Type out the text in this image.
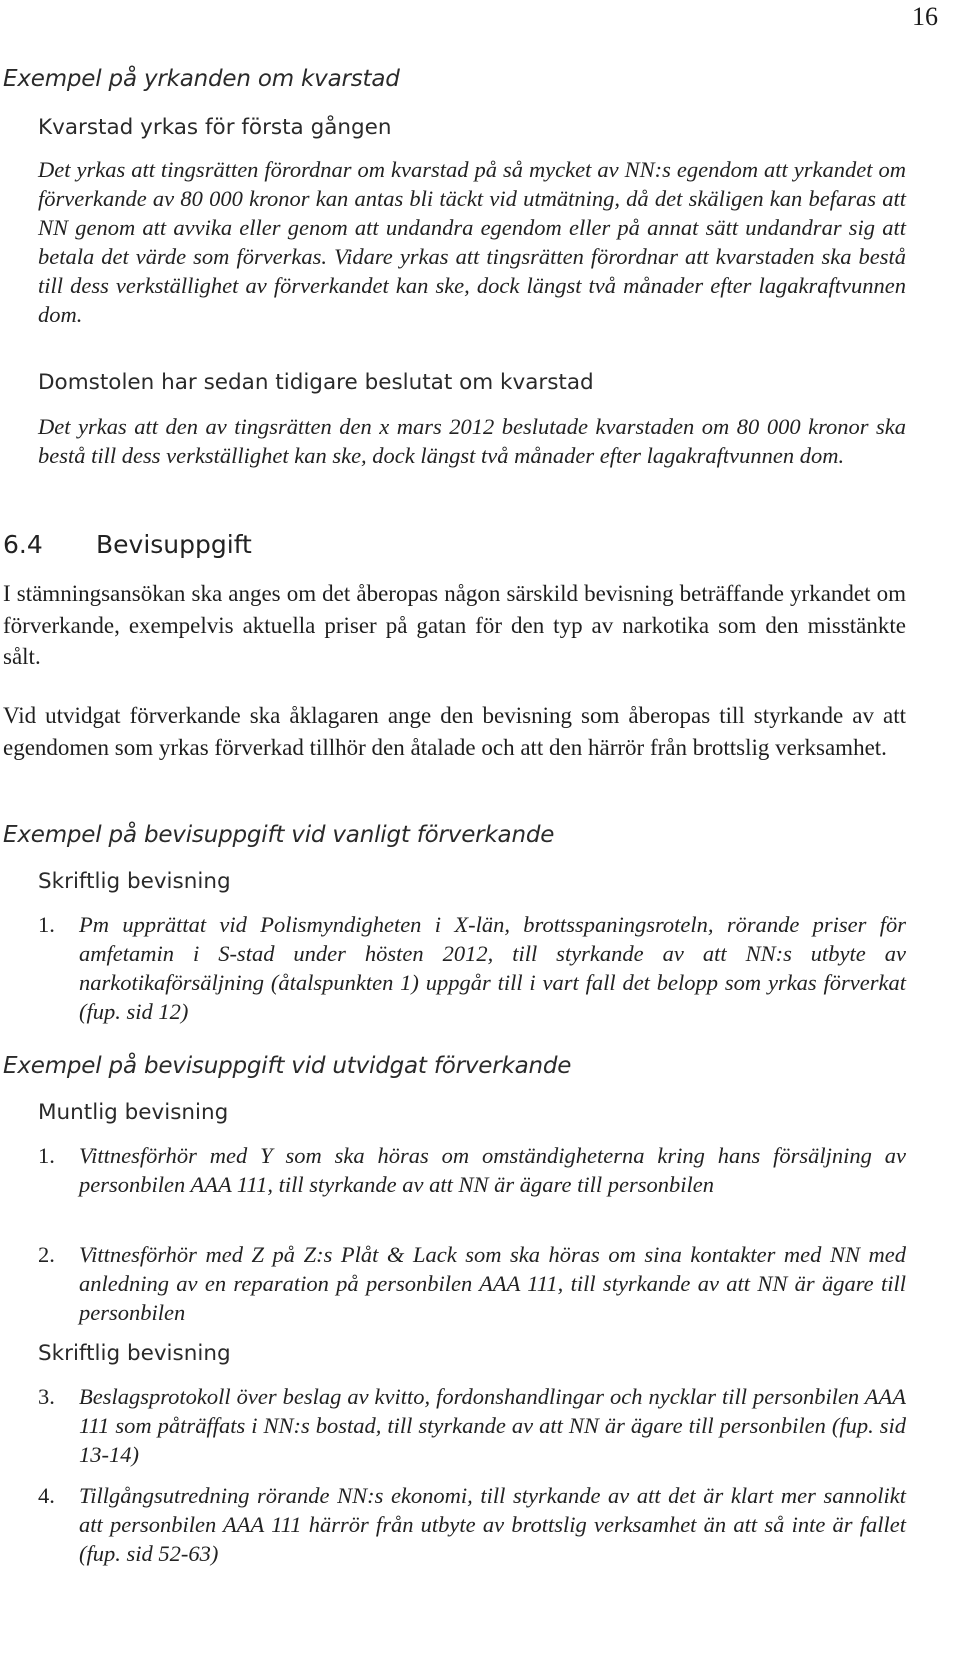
16
Exempel på yrkanden om kvarstad
Kvarstad yrkas för första gången
Det yrkas att tingsrätten förordnar om kvarstad på så mycket av NN:s egendom att yrkandet om förverkande av 80 000 kronor kan antas bli täckt vid utmätning, då det skäligen kan befaras att NN genom att avvika eller genom att undandra egendom eller på annat sätt undandrar sig att betala det värde som förverkas. Vidare yrkas att tingsrätten förordnar att kvarstaden ska bestå till dess verkställighet av förverkandet kan ske, dock längst två månader efter lagakraftvunnen dom.
Domstolen har sedan tidigare beslutat om kvarstad
Det yrkas att den av tingsrätten den x mars 2012 beslutade kvarstaden om 80 000 kronor ska bestå till dess verkställighet kan ske, dock längst två månader efter lagakraftvunnen dom.
6.4 Bevisuppgift
I stämningsansökan ska anges om det åberopas någon särskild bevisning beträffande yrkandet om förverkande, exempelvis aktuella priser på gatan för den typ av narkotika som den misstänkte sålt.
Vid utvidgat förverkande ska åklagaren ange den bevisning som åberopas till styrkande av att egendomen som yrkas förverkad tillhör den åtalade och att den härrör från brottslig verksamhet.
Exempel på bevisuppgift vid vanligt förverkande
Skriftlig bevisning
1. Pm upprättat vid Polismyndigheten i X-län, brottsspaningsroteln, rörande priser för amfetamin i S-stad under hösten 2012, till styrkande av att NN:s utbyte av narkotikaförsäljning (åtalspunkten 1) uppgår till i vart fall det belopp som yrkas förverkat (fup. sid 12)
Exempel på bevisuppgift vid utvidgat förverkande
Muntlig bevisning
1. Vittnesförhör med Y som ska höras om omständigheterna kring hans försäljning av personbilen AAA 111, till styrkande av att NN är ägare till personbilen
2. Vittnesförhör med Z på Z:s Plåt & Lack som ska höras om sina kontakter med NN med anledning av en reparation på personbilen AAA 111, till styrkande av att NN är ägare till personbilen
Skriftlig bevisning
3. Beslagsprotokoll över beslag av kvitto, fordonshandlingar och nycklar till personbilen AAA 111 som påträffats i NN:s bostad, till styrkande av att NN är ägare till personbilen (fup. sid 13-14)
4. Tillgångsutredning rörande NN:s ekonomi, till styrkande av att det är klart mer sannolikt att personbilen AAA 111 härrör från utbyte av brottslig verksamhet än att så inte är fallet (fup. sid 52-63)
